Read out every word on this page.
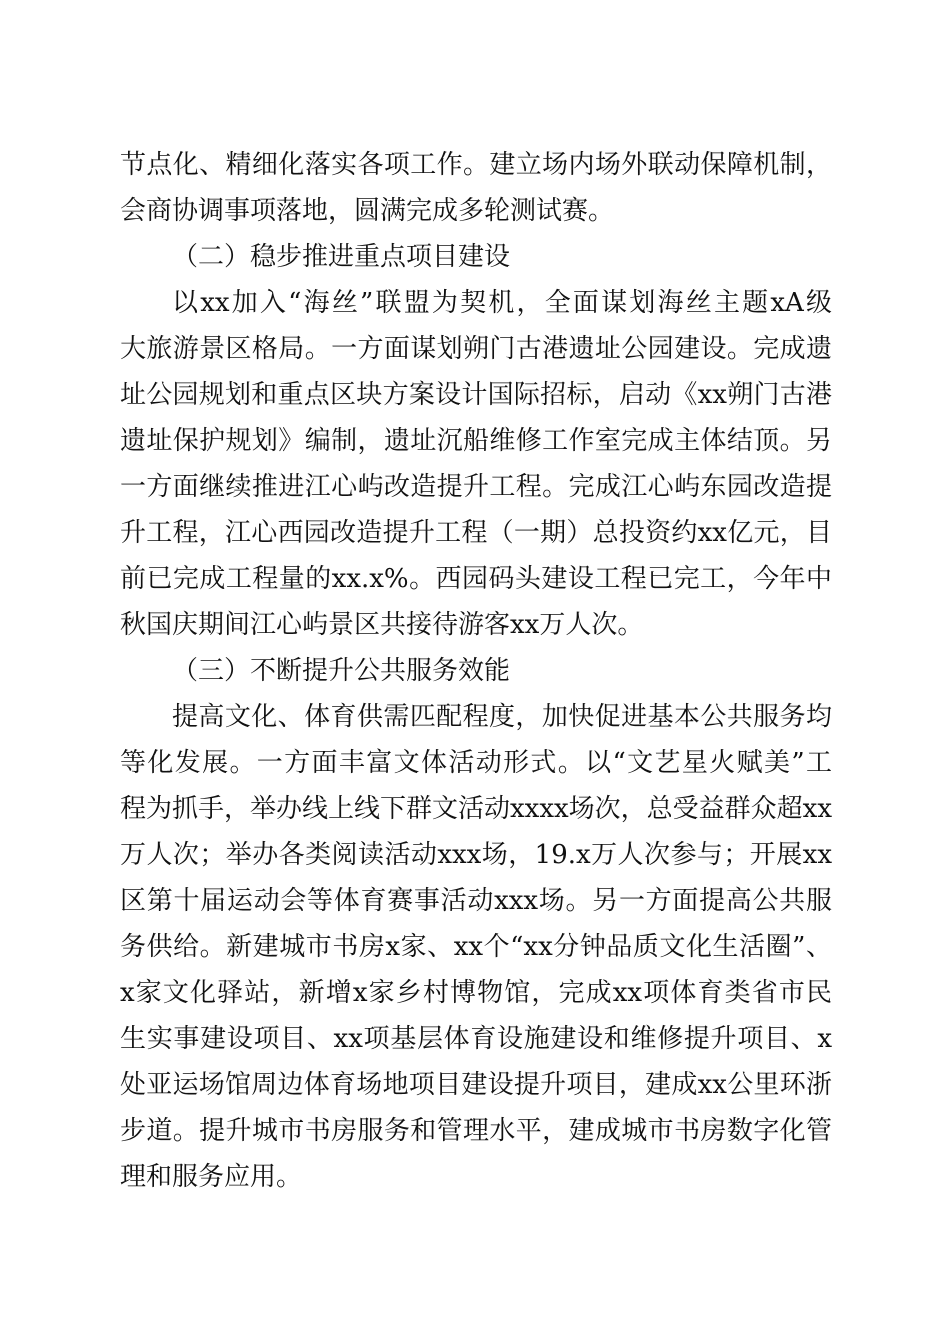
节点化、精细化落实各项工作。建立场内场外联动保障机制，
会商协调事项落地，圆满完成多轮测试赛。
（二）稳步推进重点项目建设
以xx加入“海丝”联盟为契机，全面谋划海丝主题xA级
大旅游景区格局。一方面谋划朔门古港遗址公园建设。完成遗
址公园规划和重点区块方案设计国际招标，启动《xx朔门古港
遗址保护规划》编制，遗址沉船维修工作室完成主体结顶。另
一方面继续推进江心屿改造提升工程。完成江心屿东园改造提
升工程，江心西园改造提升工程（一期）总投资约xx亿元，目
前已完成工程量的xx.x%。西园码头建设工程已完工，今年中
秋国庆期间江心屿景区共接待游客xx万人次。
（三）不断提升公共服务效能
提高文化、体育供需匹配程度，加快促进基本公共服务均
等化发展。一方面丰富文体活动形式。以“文艺星火赋美”工
程为抓手，举办线上线下群文活动xxxx场次，总受益群众超xx
万人次；举办各类阅读活动xxx场，19.x万人次参与；开展xx
区第十届运动会等体育赛事活动xxx场。另一方面提高公共服
务供给。新建城市书房x家、xx个“xx分钟品质文化生活圈”、
x家文化驿站，新增x家乡村博物馆，完成xx项体育类省市民
生实事建设项目、xx项基层体育设施建设和维修提升项目、x
处亚运场馆周边体育场地项目建设提升项目，建成xx公里环浙
步道。提升城市书房服务和管理水平，建成城市书房数字化管
理和服务应用。
